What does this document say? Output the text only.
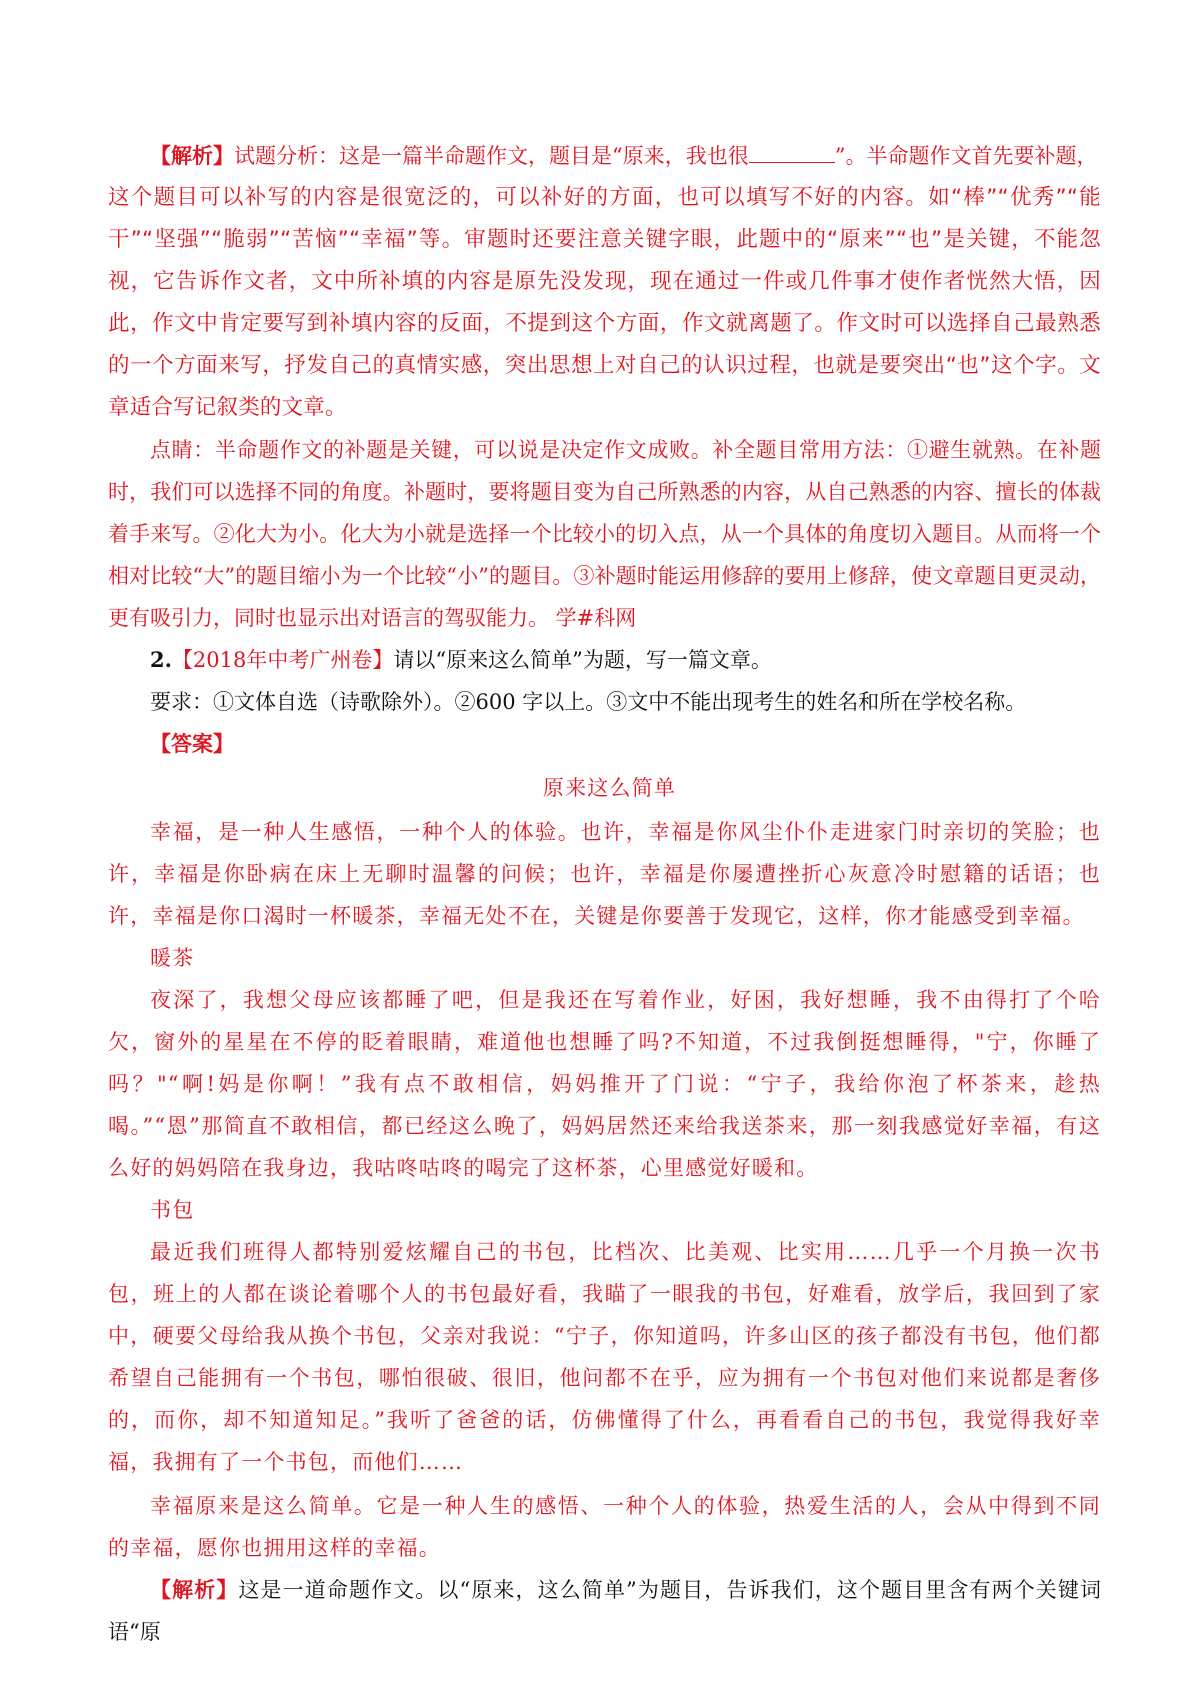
【解析】试题分析：这是一篇半命题作文，题目是“原来，我也很	”。半命题作文首先要补题，

这个题目可以补写的内容是很宽泛的，可以补好的方面，也可以填写不好的内容。如“棒”“优秀”“能干”“坚强”“脆弱”“苦恼”“幸福”等。审题时还要注意关键字眼，此题中的“原来”“也”是关键，不能忽视，它告诉作文者，文中所补填的内容是原先没发现，现在通过一件或几件事才使作者恍然大悟，因此，作文中肯定要写到补填内容的反面，不提到这个方面，作文就离题了。作文时可以选择自己最熟悉的一个方面来写，抒发自己的真情实感，突出思想上对自己的认识过程，也就是要突出“也”这个字。文章适合写记叙类的文章。

点睛：半命题作文的补题是关键，可以说是决定作文成败。补全题目常用方法：①避生就熟。在补题时，我们可以选择不同的角度。补题时，要将题目变为自己所熟悉的内容，从自己熟悉的内容、擅长的体裁着手来写。②化大为小。化大为小就是选择一个比较小的切入点，从一个具体的角度切入题目。从而将一个相对比较“大”的题目缩小为一个比较“小”的题目。③补题时能运用修辞的要用上修辞，使文章题目更灵动，更有吸引力，同时也显示出对语言的驾驭能力。 学#科网

2.【2018年中考广州卷】请以“原来这么简单”为题，写一篇文章。

要求：①文体自选（诗歌除外）。②600 字以上。③文中不能出现考生的姓名和所在学校名称。

【答案】

原来这么简单

幸福，是一种人生感悟，一种个人的体验。也许，幸福是你风尘仆仆走进家门时亲切的笑脸；也许，幸福是你卧病在床上无聊时温馨的问候；也许，幸福是你屡遭挫折心灰意冷时慰籍的话语；也许，幸福是你口渴时一杯暖茶，幸福无处不在，关键是你要善于发现它，这样，你才能感受到幸福。

暖茶

夜深了，我想父母应该都睡了吧，但是我还在写着作业，好困，我好想睡，我不由得打了个哈欠，窗外的星星在不停的眨着眼睛，难道他也想睡了吗?不知道，不过我倒挺想睡得，"宁，你睡了吗？"“啊!妈是你啊！”我有点不敢相信，妈妈推开了门说：“宁子，我给你泡了杯茶来，趁热喝。”“恩”那简直不敢相信，都已经这么晚了，妈妈居然还来给我送茶来，那一刻我感觉好幸福，有这么好的妈妈陪在我身边，我咕咚咕咚的喝完了这杯茶，心里感觉好暖和。

书包

最近我们班得人都特别爱炫耀自己的书包，比档次、比美观、比实用……几乎一个月换一次书包，班上的人都在谈论着哪个人的书包最好看，我瞄了一眼我的书包，好难看，放学后，我回到了家中，硬要父母给我从换个书包，父亲对我说：“宁子，你知道吗，许多山区的孩子都没有书包，他们都希望自己能拥有一个书包，哪怕很破、很旧，他问都不在乎，应为拥有一个书包对他们来说都是奢侈的，而你，却不知道知足。”我听了爸爸的话，仿佛懂得了什么，再看看自己的书包，我觉得我好幸福，我拥有了一个书包，而他们……

幸福原来是这么简单。它是一种人生的感悟、一种个人的体验，热爱生活的人，会从中得到不同的幸福，愿你也拥用这样的幸福。

【解析】这是一道命题作文。以“原来，这么简单”为题目，告诉我们，这个题目里含有两个关键词语“原
